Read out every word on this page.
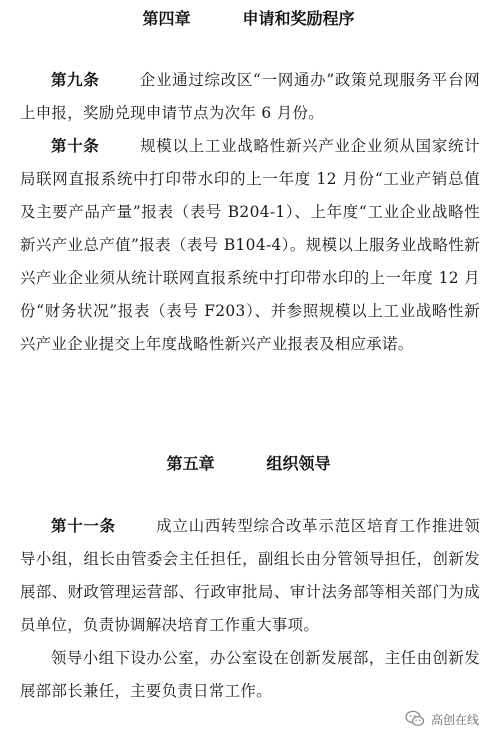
第四章	申请和奖励程序

第九条	企业通过综改区“一网通办”政策兑现服务平台网上申报，奖励兑现申请节点为次年 6 月份。

第十条	规模以上工业战略性新兴产业企业须从国家统计局联网直报系统中打印带水印的上一年度 12 月份“工业产销总值及主要产品产量”报表（表号 B204-1）、上年度“工业企业战略性新兴产业总产值”报表（表号 B104-4）。规模以上服务业战略性新兴产业企业须从统计联网直报系统中打印带水印的上一年度 12 月份“财务状况”报表（表号 F203）、并参照规模以上工业战略性新兴产业企业提交上年度战略性新兴产业报表及相应承诺。

第五章	组织领导

第十一条	成立山西转型综合改革示范区培育工作推进领导小组，组长由管委会主任担任，副组长由分管领导担任，创新发展部、财政管理运营部、行政审批局、审计法务部等相关部门为成员单位，负责协调解决培育工作重大事项。

领导小组下设办公室，办公室设在创新发展部，主任由创新发展部部长兼任，主要负责日常工作。

高创在线
